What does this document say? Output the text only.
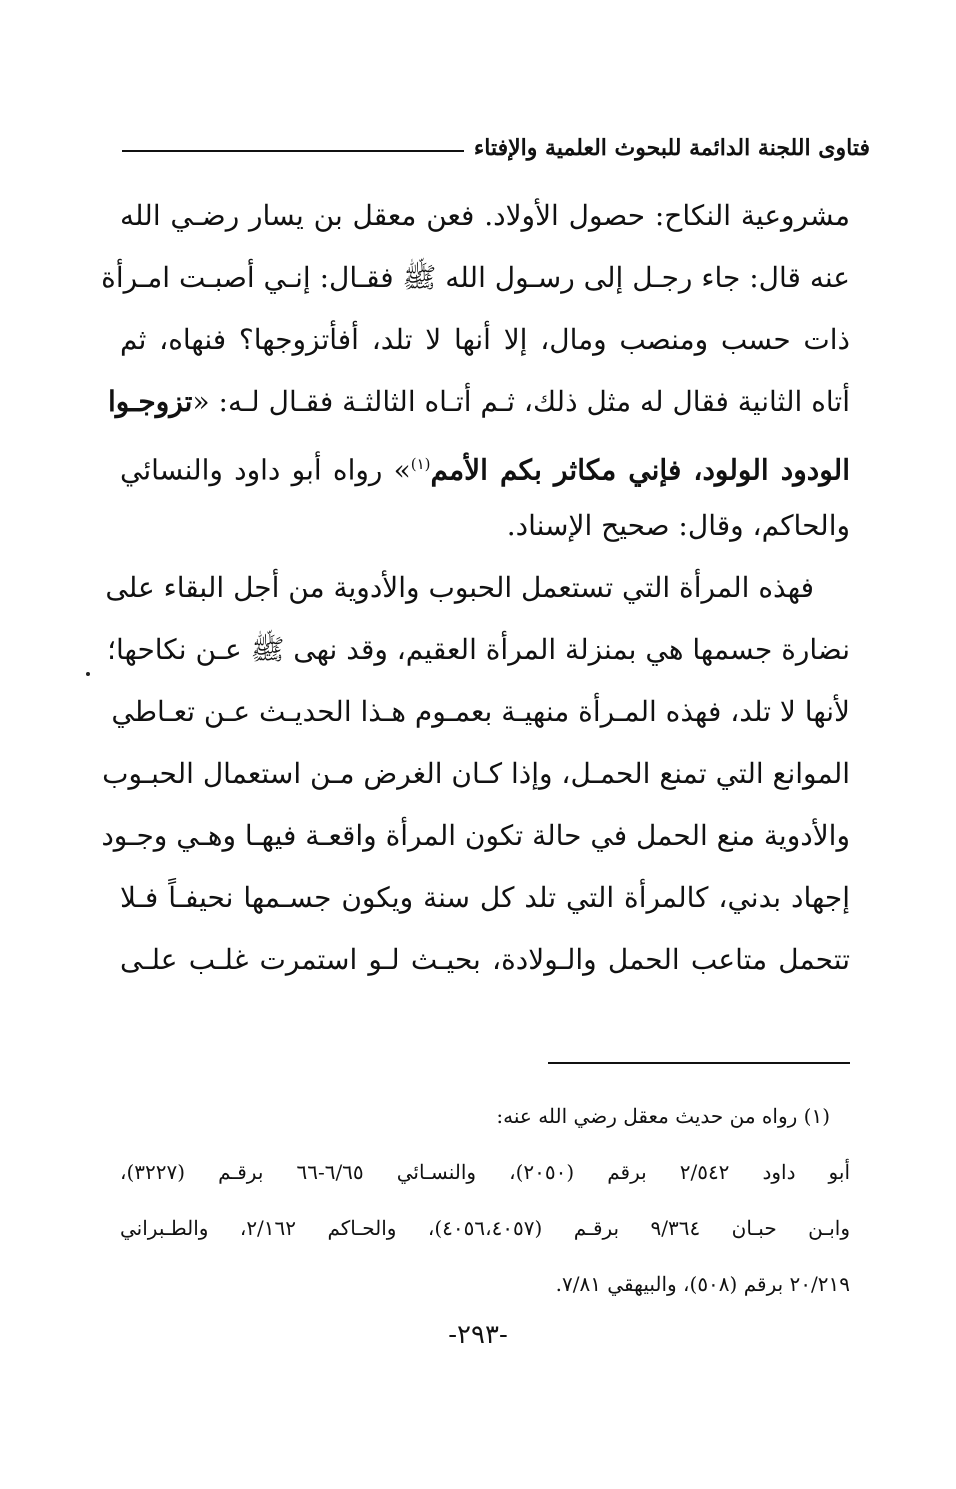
فتاوى اللجنة الدائمة للبحوث العلمية والإفتاء
مشروعية النكاح: حصول الأولاد. فعن معقل بن يسار رضـي الله
عنه قال: جاء رجـل إلى رسـول الله ﷺ فقـال: إنـي أصبـت امـرأة
ذات حسب ومنصب ومال، إلا أنها لا تلد، أفأتزوجها؟ فنهاه، ثم
أتاه الثانية فقال له مثل ذلك، ثـم أتـاه الثالثـة فقـال لـه: «تزوجـوا
الودود الولود، فإني مكاثر بكم الأمم$^{(١)}$» رواه أبو داود والنسائي
والحاكم، وقال: صحيح الإسناد.
فهذه المرأة التي تستعمل الحبوب والأدوية من أجل البقاء على
نضارة جسمها هي بمنزلة المرأة العقيم، وقد نهى ﷺ عـن نكاحها؛
لأنها لا تلد، فهذه المـرأة منهيـة بعمـوم هـذا الحديـث عـن تعـاطي
الموانع التي تمنع الحمـل، وإذا كـان الغرض مـن استعمال الحبـوب
والأدوية منع الحمل في حالة تكون المرأة واقعـة فيهـا وهـي وجـود
إجهاد بدني، كالمرأة التي تلد كل سنة ويكون جسـمها نحيفـاً فـلا
تتحمل متاعب الحمل والـولادة، بحيـث لـو استمرت غلـب علـى
(١) رواه من حديث معقل رضي الله عنه:
أبو داود ٢/٥٤٢ برقم (٢٠٥٠)، والنسـائي ٦/٦٥-٦٦ برقـم (٣٢٢٧)،
وابـن حبـان ٩/٣٦٤ برقـم (٤٠٥٦،٤٠٥٧)، والحـاكم ٢/١٦٢، والطـبراني
٢٠/٢١٩ برقم (٥٠٨)، والبيهقي ٧/٨١.
-٢٩٣-
